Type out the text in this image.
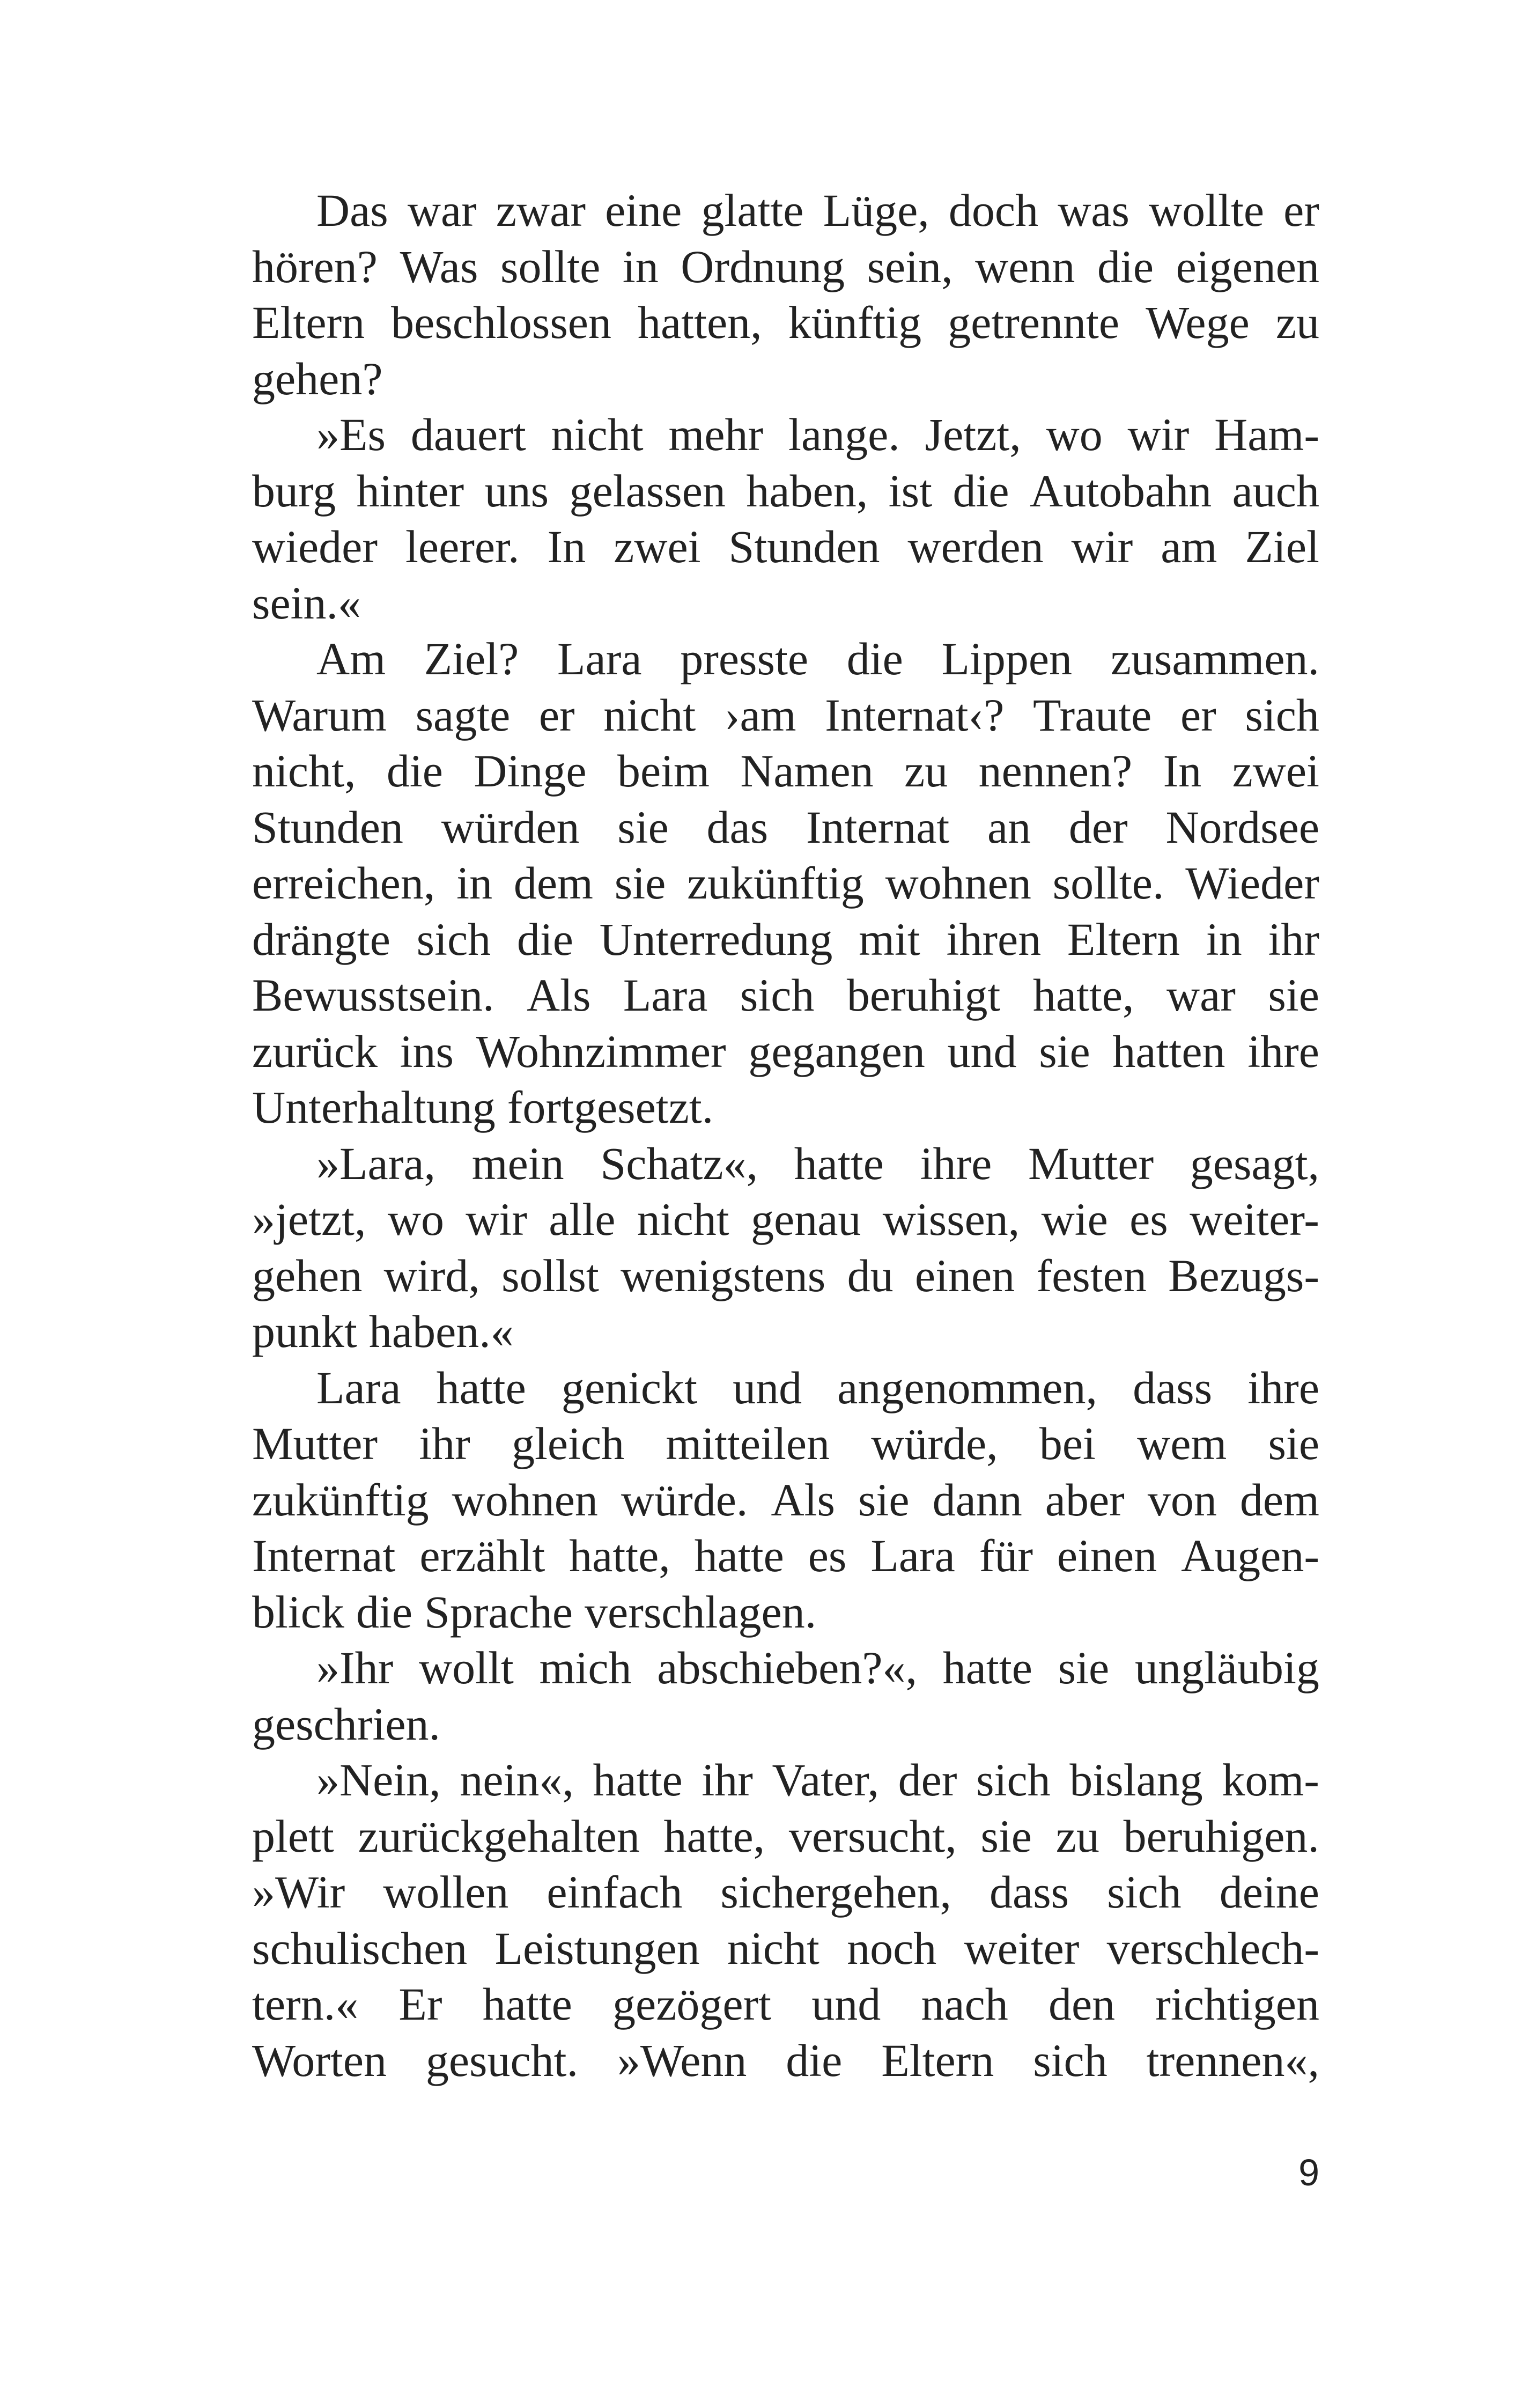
Das war zwar eine glatte Lüge, doch was wollte er
hören? Was sollte in Ordnung sein, wenn die eigenen
Eltern beschlossen hatten, künftig getrennte Wege zu
gehen?
»Es dauert nicht mehr lange. Jetzt, wo wir Ham-
burg hinter uns gelassen haben, ist die Autobahn auch
wieder leerer. In zwei Stunden werden wir am Ziel
sein.«
Am Ziel? Lara presste die Lippen zusammen.
Warum sagte er nicht ›am Internat‹? Traute er sich
nicht, die Dinge beim Namen zu nennen? In zwei
Stunden würden sie das Internat an der Nordsee
erreichen, in dem sie zukünftig wohnen sollte. Wieder
drängte sich die Unterredung mit ihren Eltern in ihr
Bewusstsein. Als Lara sich beruhigt hatte, war sie
zurück ins Wohnzimmer gegangen und sie hatten ihre
Unterhaltung fortgesetzt.
»Lara, mein Schatz«, hatte ihre Mutter gesagt,
»jetzt, wo wir alle nicht genau wissen, wie es weiter-
gehen wird, sollst wenigstens du einen festen Bezugs-
punkt haben.«
Lara hatte genickt und angenommen, dass ihre
Mutter ihr gleich mitteilen würde, bei wem sie
zukünftig wohnen würde. Als sie dann aber von dem
Internat erzählt hatte, hatte es Lara für einen Augen-
blick die Sprache verschlagen.
»Ihr wollt mich abschieben?«, hatte sie ungläubig
geschrien.
»Nein, nein«, hatte ihr Vater, der sich bislang kom-
plett zurückgehalten hatte, versucht, sie zu beruhigen.
»Wir wollen einfach sichergehen, dass sich deine
schulischen Leistungen nicht noch weiter verschlech-
tern.« Er hatte gezögert und nach den richtigen
Worten gesucht. »Wenn die Eltern sich trennen«,
9
